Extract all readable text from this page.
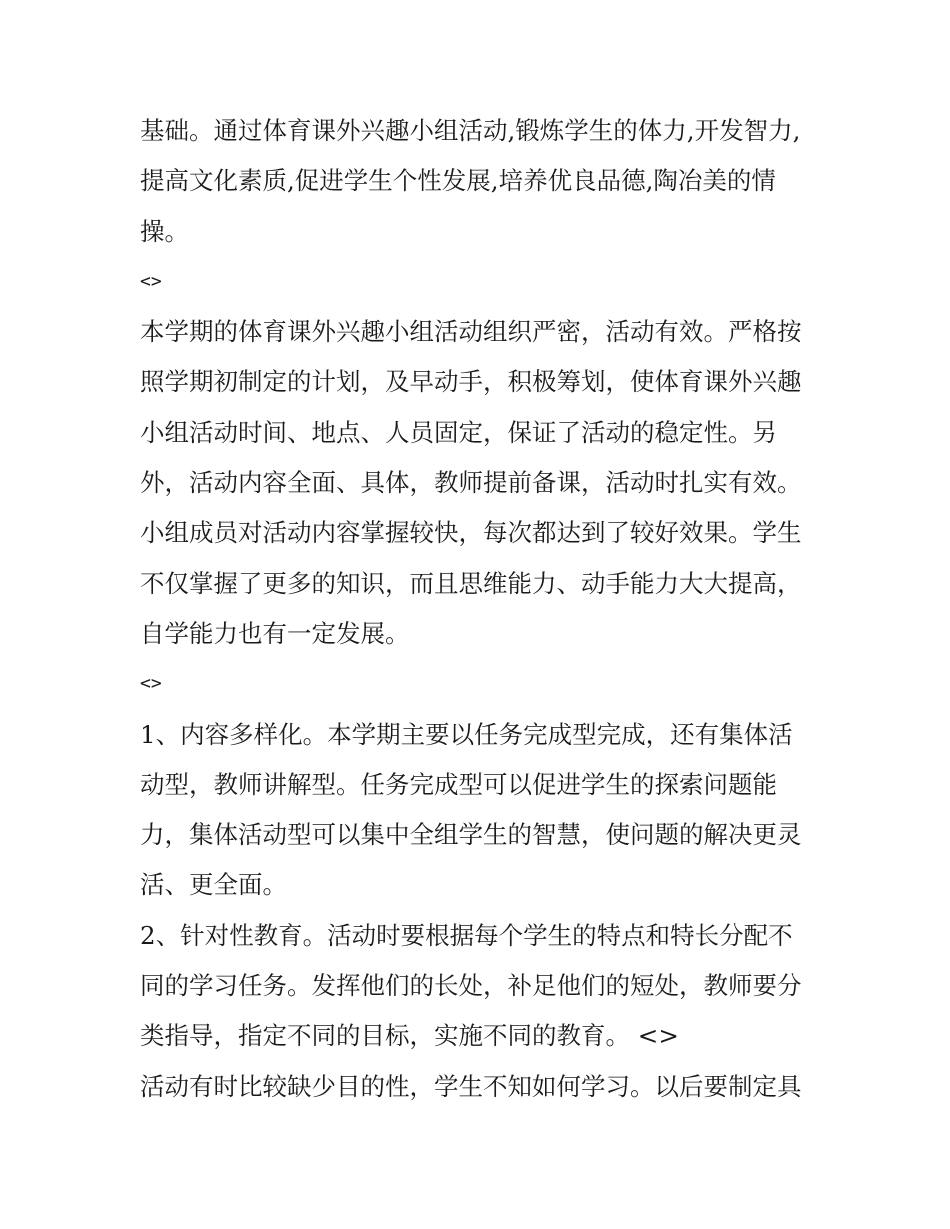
基础。通过体育课外兴趣小组活动,锻炼学生的体力,开发智力,
提高文化素质,促进学生个性发展,培养优良品德,陶冶美的情
操。
<>
本学期的体育课外兴趣小组活动组织严密，活动有效。严格按
照学期初制定的计划，及早动手，积极筹划，使体育课外兴趣
小组活动时间、地点、人员固定，保证了活动的稳定性。另
外，活动内容全面、具体，教师提前备课，活动时扎实有效。
小组成员对活动内容掌握较快，每次都达到了较好效果。学生
不仅掌握了更多的知识，而且思维能力、动手能力大大提高，
自学能力也有一定发展。
<>
1、内容多样化。本学期主要以任务完成型完成，还有集体活
动型，教师讲解型。任务完成型可以促进学生的探索问题能
力，集体活动型可以集中全组学生的智慧，使问题的解决更灵
活、更全面。
2、针对性教育。活动时要根据每个学生的特点和特长分配不
同的学习任务。发挥他们的长处，补足他们的短处，教师要分
类指导，指定不同的目标，实施不同的教育。 <>
活动有时比较缺少目的性，学生不知如何学习。以后要制定具
